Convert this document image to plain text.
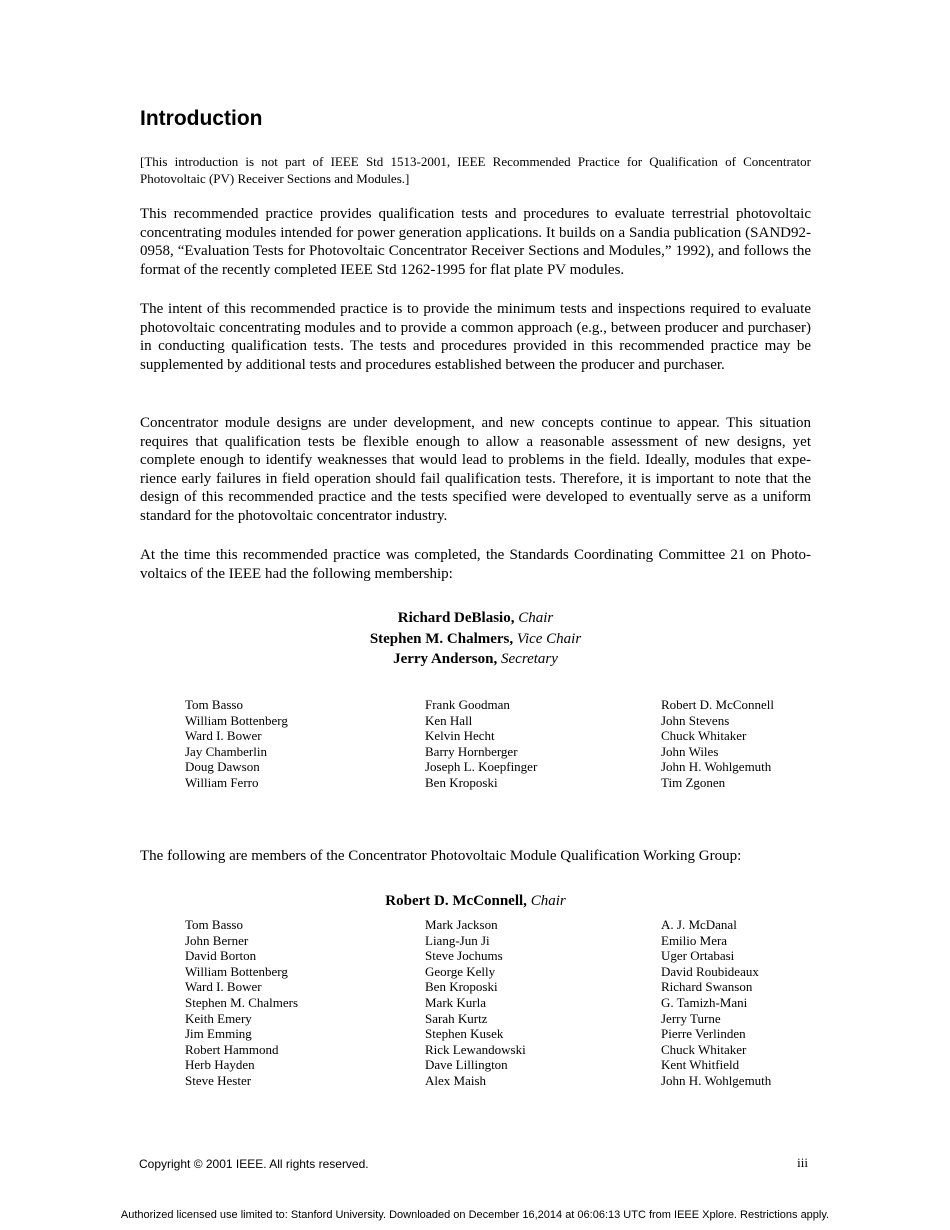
Introduction

[This introduction is not part of IEEE Std 1513-2001, IEEE Recommended Practice for Qualification of Concentrator Photovoltaic (PV) Receiver Sections and Modules.]

This recommended practice provides qualification tests and procedures to evaluate terrestrial photovoltaic concentrating modules intended for power generation applications. It builds on a Sandia publication (SAND92-0958, “Evaluation Tests for Photovoltaic Concentrator Receiver Sections and Modules,” 1992), and follows the format of the recently completed IEEE Std 1262-1995 for flat plate PV modules.

The intent of this recommended practice is to provide the minimum tests and inspections required to evaluate photovoltaic concentrating modules and to provide a common approach (e.g., between producer and purchaser) in conducting qualification tests. The tests and procedures provided in this recommended practice may be supplemented by additional tests and procedures established between the producer and purchaser.

Concentrator module designs are under development, and new concepts continue to appear. This situation requires that qualification tests be flexible enough to allow a reasonable assessment of new designs, yet complete enough to identify weaknesses that would lead to problems in the field. Ideally, modules that experience early failures in field operation should fail qualification tests. Therefore, it is important to note that the design of this recommended practice and the tests specified were developed to eventually serve as a uniform standard for the photovoltaic concentrator industry.

At the time this recommended practice was completed, the Standards Coordinating Committee 21 on Photovoltaics of the IEEE had the following membership:

Richard DeBlasio, Chair
Stephen M. Chalmers, Vice Chair
Jerry Anderson, Secretary
Tom Basso
William Bottenberg
Ward I. Bower
Jay Chamberlin
Doug Dawson
William Ferro
Frank Goodman
Ken Hall
Kelvin Hecht
Barry Hornberger
Joseph L. Koepfinger
Ben Kroposki
Robert D. McConnell
John Stevens
Chuck Whitaker
John Wiles
John H. Wohlgemuth
Tim Zgonen

The following are members of the Concentrator Photovoltaic Module Qualification Working Group:

Robert D. McConnell, Chair
Tom Basso
John Berner
David Borton
William Bottenberg
Ward I. Bower
Stephen M. Chalmers
Keith Emery
Jim Emming
Robert Hammond
Herb Hayden
Steve Hester
Mark Jackson
Liang-Jun Ji
Steve Jochums
George Kelly
Ben Kroposki
Mark Kurla
Sarah Kurtz
Stephen Kusek
Rick Lewandowski
Dave Lillington
Alex Maish
A. J. McDanal
Emilio Mera
Uger Ortabasi
David Roubideaux
Richard Swanson
G. Tamizh-Mani
Jerry Turne
Pierre Verlinden
Chuck Whitaker
Kent Whitfield
John H. Wohlgemuth
Copyright © 2001 IEEE. All rights reserved.	iii
Authorized licensed use limited to: Stanford University. Downloaded on December 16,2014 at 06:06:13 UTC from IEEE Xplore. Restrictions apply.
